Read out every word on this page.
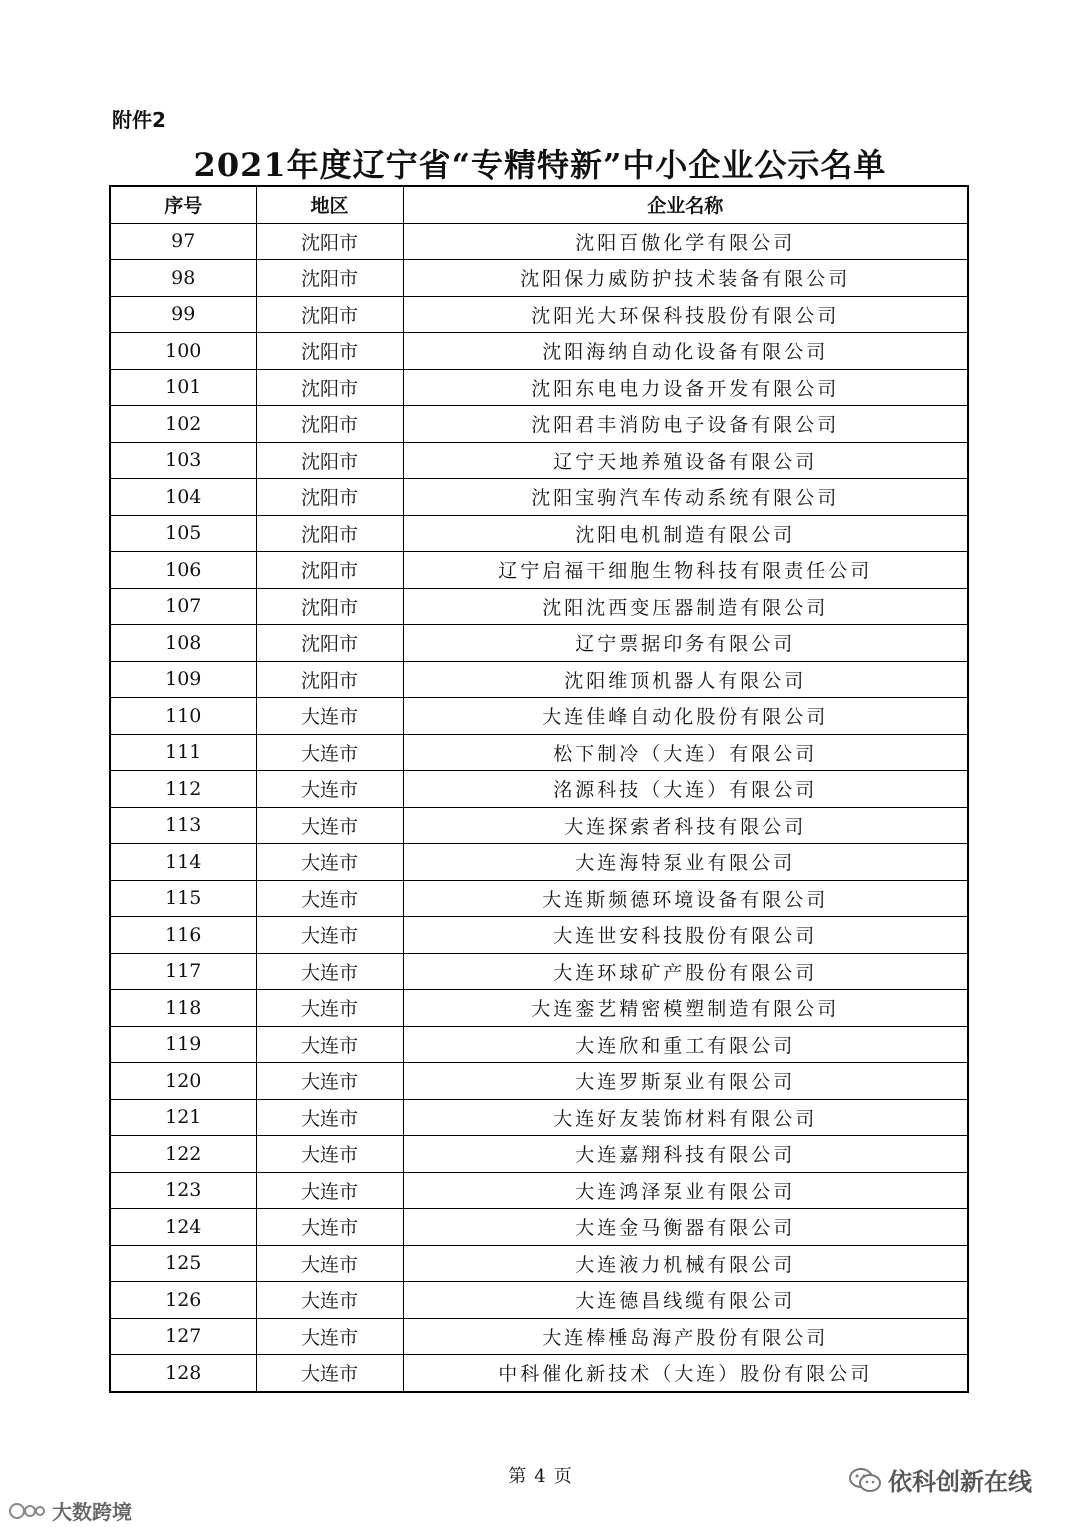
附件2
2021年度辽宁省“专精特新”中小企业公示名单
序号	地区	企业名称
97	沈阳市	沈阳百傲化学有限公司
98	沈阳市	沈阳保力威防护技术装备有限公司
99	沈阳市	沈阳光大环保科技股份有限公司
100	沈阳市	沈阳海纳自动化设备有限公司
101	沈阳市	沈阳东电电力设备开发有限公司
102	沈阳市	沈阳君丰消防电子设备有限公司
103	沈阳市	辽宁天地养殖设备有限公司
104	沈阳市	沈阳宝驹汽车传动系统有限公司
105	沈阳市	沈阳电机制造有限公司
106	沈阳市	辽宁启福干细胞生物科技有限责任公司
107	沈阳市	沈阳沈西变压器制造有限公司
108	沈阳市	辽宁票据印务有限公司
109	沈阳市	沈阳维顶机器人有限公司
110	大连市	大连佳峰自动化股份有限公司
111	大连市	松下制冷（大连）有限公司
112	大连市	洺源科技（大连）有限公司
113	大连市	大连探索者科技有限公司
114	大连市	大连海特泵业有限公司
115	大连市	大连斯频德环境设备有限公司
116	大连市	大连世安科技股份有限公司
117	大连市	大连环球矿产股份有限公司
118	大连市	大连銮艺精密模塑制造有限公司
119	大连市	大连欣和重工有限公司
120	大连市	大连罗斯泵业有限公司
121	大连市	大连好友装饰材料有限公司
122	大连市	大连嘉翔科技有限公司
123	大连市	大连鸿泽泵业有限公司
124	大连市	大连金马衡器有限公司
125	大连市	大连液力机械有限公司
126	大连市	大连德昌线缆有限公司
127	大连市	大连棒棰岛海产股份有限公司
128	大连市	中科催化新技术（大连）股份有限公司
第 4 页	依科创新在线
大数跨境
